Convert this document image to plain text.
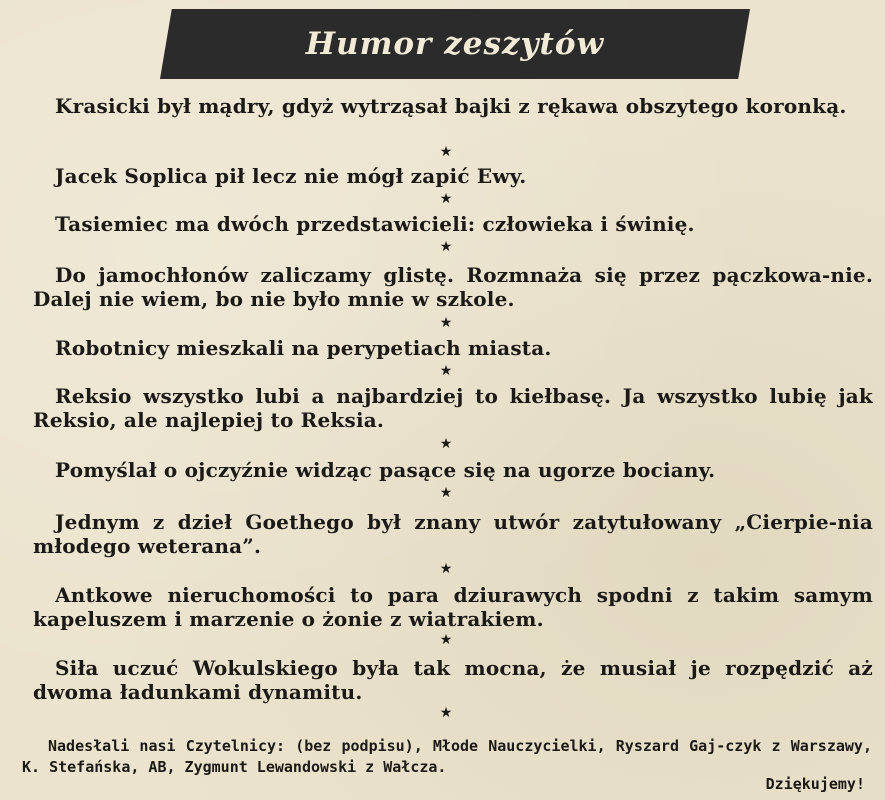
Humor zeszytów
Krasicki był mądry, gdyż wytrząsał bajki z rękawa obszytego koronką.
★
Jacek Soplica pił lecz nie mógł zapić Ewy.
★
Tasiemiec ma dwóch przedstawicieli: człowieka i świnię.
★
Do jamochłonów zaliczamy glistę. Rozmnaża się przez pączkowa-nie. Dalej nie wiem, bo nie było mnie w szkole.
★
Robotnicy mieszkali na perypetiach miasta.
★
Reksio wszystko lubi a najbardziej to kiełbasę. Ja wszystko lubię jak Reksio, ale najlepiej to Reksia.
★
Pomyślał o ojczyźnie widząc pasące się na ugorze bociany.
★
Jednym z dzieł Goethego był znany utwór zatytułowany „Cierpie-nia młodego weterana”.
★
Antkowe nieruchomości to para dziurawych spodni z takim samym kapeluszem i marzenie o żonie z wiatrakiem.
★
Siła uczuć Wokulskiego była tak mocna, że musiał je rozpędzić aż dwoma ładunkami dynamitu.
★
Nadesłali nasi Czytelnicy: (bez podpisu), Młode Nauczycielki, Ryszard Gaj-czyk z Warszawy, K. Stefańska, AB, Zygmunt Lewandowski z Wałcza.
Dziękujemy!
